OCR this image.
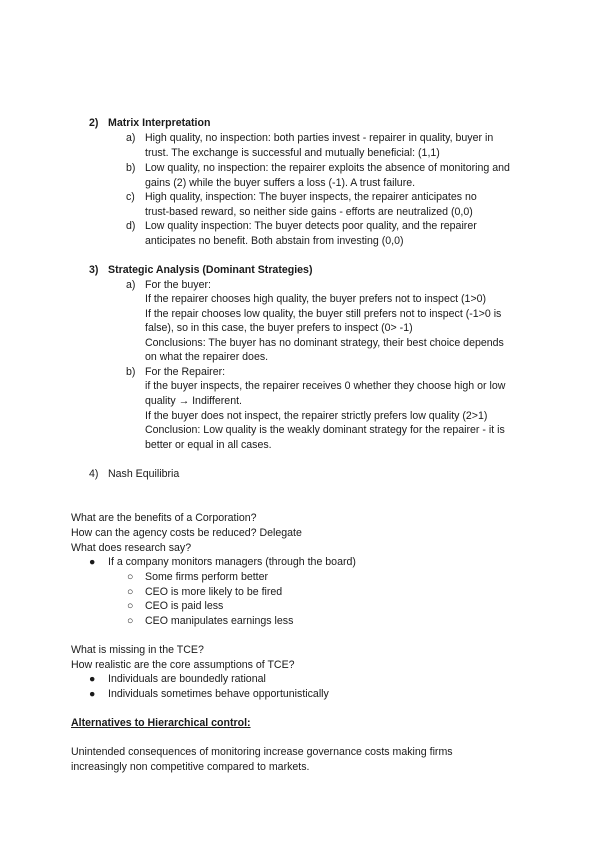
2) Matrix Interpretation
a) High quality, no inspection: both parties invest - repairer in quality, buyer in
trust. The exchange is successful and mutually beneficial: (1,1)
b) Low quality, no inspection: the repairer exploits the absence of monitoring and
gains (2) while the buyer suffers a loss (-1). A trust failure.
c) High quality, inspection: The buyer inspects, the repairer anticipates no
trust-based reward, so neither side gains - efforts are neutralized (0,0)
d) Low quality inspection: The buyer detects poor quality, and the repairer
anticipates no benefit. Both abstain from investing (0,0)
3) Strategic Analysis (Dominant Strategies)
a) For the buyer:
If the repairer chooses high quality, the buyer prefers not to inspect (1>0)
If the repair chooses low quality, the buyer still prefers not to inspect (-1>0 is
false), so in this case, the buyer prefers to inspect (0> -1)
Conclusions: The buyer has no dominant strategy, their best choice depends
on what the repairer does.
b) For the Repairer:
if the buyer inspects, the repairer receives 0 whether they choose high or low
quality → Indifferent.
If the buyer does not inspect, the repairer strictly prefers low quality (2>1)
Conclusion: Low quality is the weakly dominant strategy for the repairer - it is
better or equal in all cases.
4) Nash Equilibria
What are the benefits of a Corporation?
How can the agency costs be reduced? Delegate
What does research say?
● If a company monitors managers (through the board)
○ Some firms perform better
○ CEO is more likely to be fired
○ CEO is paid less
○ CEO manipulates earnings less
What is missing in the TCE?
How realistic are the core assumptions of TCE?
● Individuals are boundedly rational
● Individuals sometimes behave opportunistically
Alternatives to Hierarchical control:
Unintended consequences of monitoring increase governance costs making firms
increasingly non competitive compared to markets.
